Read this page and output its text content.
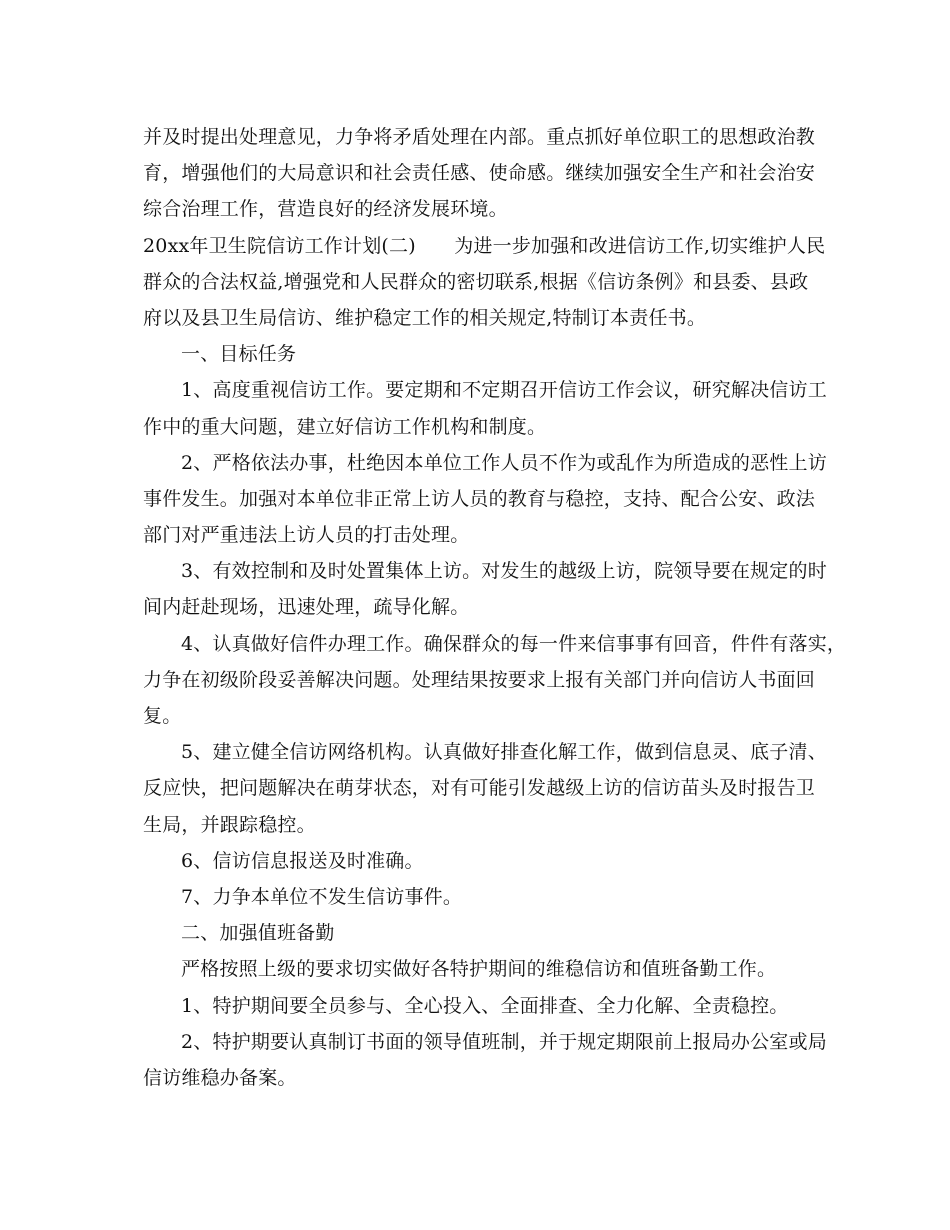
并及时提出处理意见，力争将矛盾处理在内部。重点抓好单位职工的思想政治教
育，增强他们的大局意识和社会责任感、使命感。继续加强安全生产和社会治安
综合治理工作，营造良好的经济发展环境。
20xx年卫生院信访工作计划(二)　　为进一步加强和改进信访工作,切实维护人民
群众的合法权益,增强党和人民群众的密切联系,根据《信访条例》和县委、县政
府以及县卫生局信访、维护稳定工作的相关规定,特制订本责任书。
一、目标任务
1、高度重视信访工作。要定期和不定期召开信访工作会议，研究解决信访工
作中的重大问题，建立好信访工作机构和制度。
2、严格依法办事，杜绝因本单位工作人员不作为或乱作为所造成的恶性上访
事件发生。加强对本单位非正常上访人员的教育与稳控，支持、配合公安、政法
部门对严重违法上访人员的打击处理。
3、有效控制和及时处置集体上访。对发生的越级上访，院领导要在规定的时
间内赶赴现场，迅速处理，疏导化解。
4、认真做好信件办理工作。确保群众的每一件来信事事有回音，件件有落实，
力争在初级阶段妥善解决问题。处理结果按要求上报有关部门并向信访人书面回
复。
5、建立健全信访网络机构。认真做好排查化解工作，做到信息灵、底子清、
反应快，把问题解决在萌芽状态，对有可能引发越级上访的信访苗头及时报告卫
生局，并跟踪稳控。
6、信访信息报送及时准确。
7、力争本单位不发生信访事件。
二、加强值班备勤
严格按照上级的要求切实做好各特护期间的维稳信访和值班备勤工作。
1、特护期间要全员参与、全心投入、全面排查、全力化解、全责稳控。
2、特护期要认真制订书面的领导值班制，并于规定期限前上报局办公室或局
信访维稳办备案。
